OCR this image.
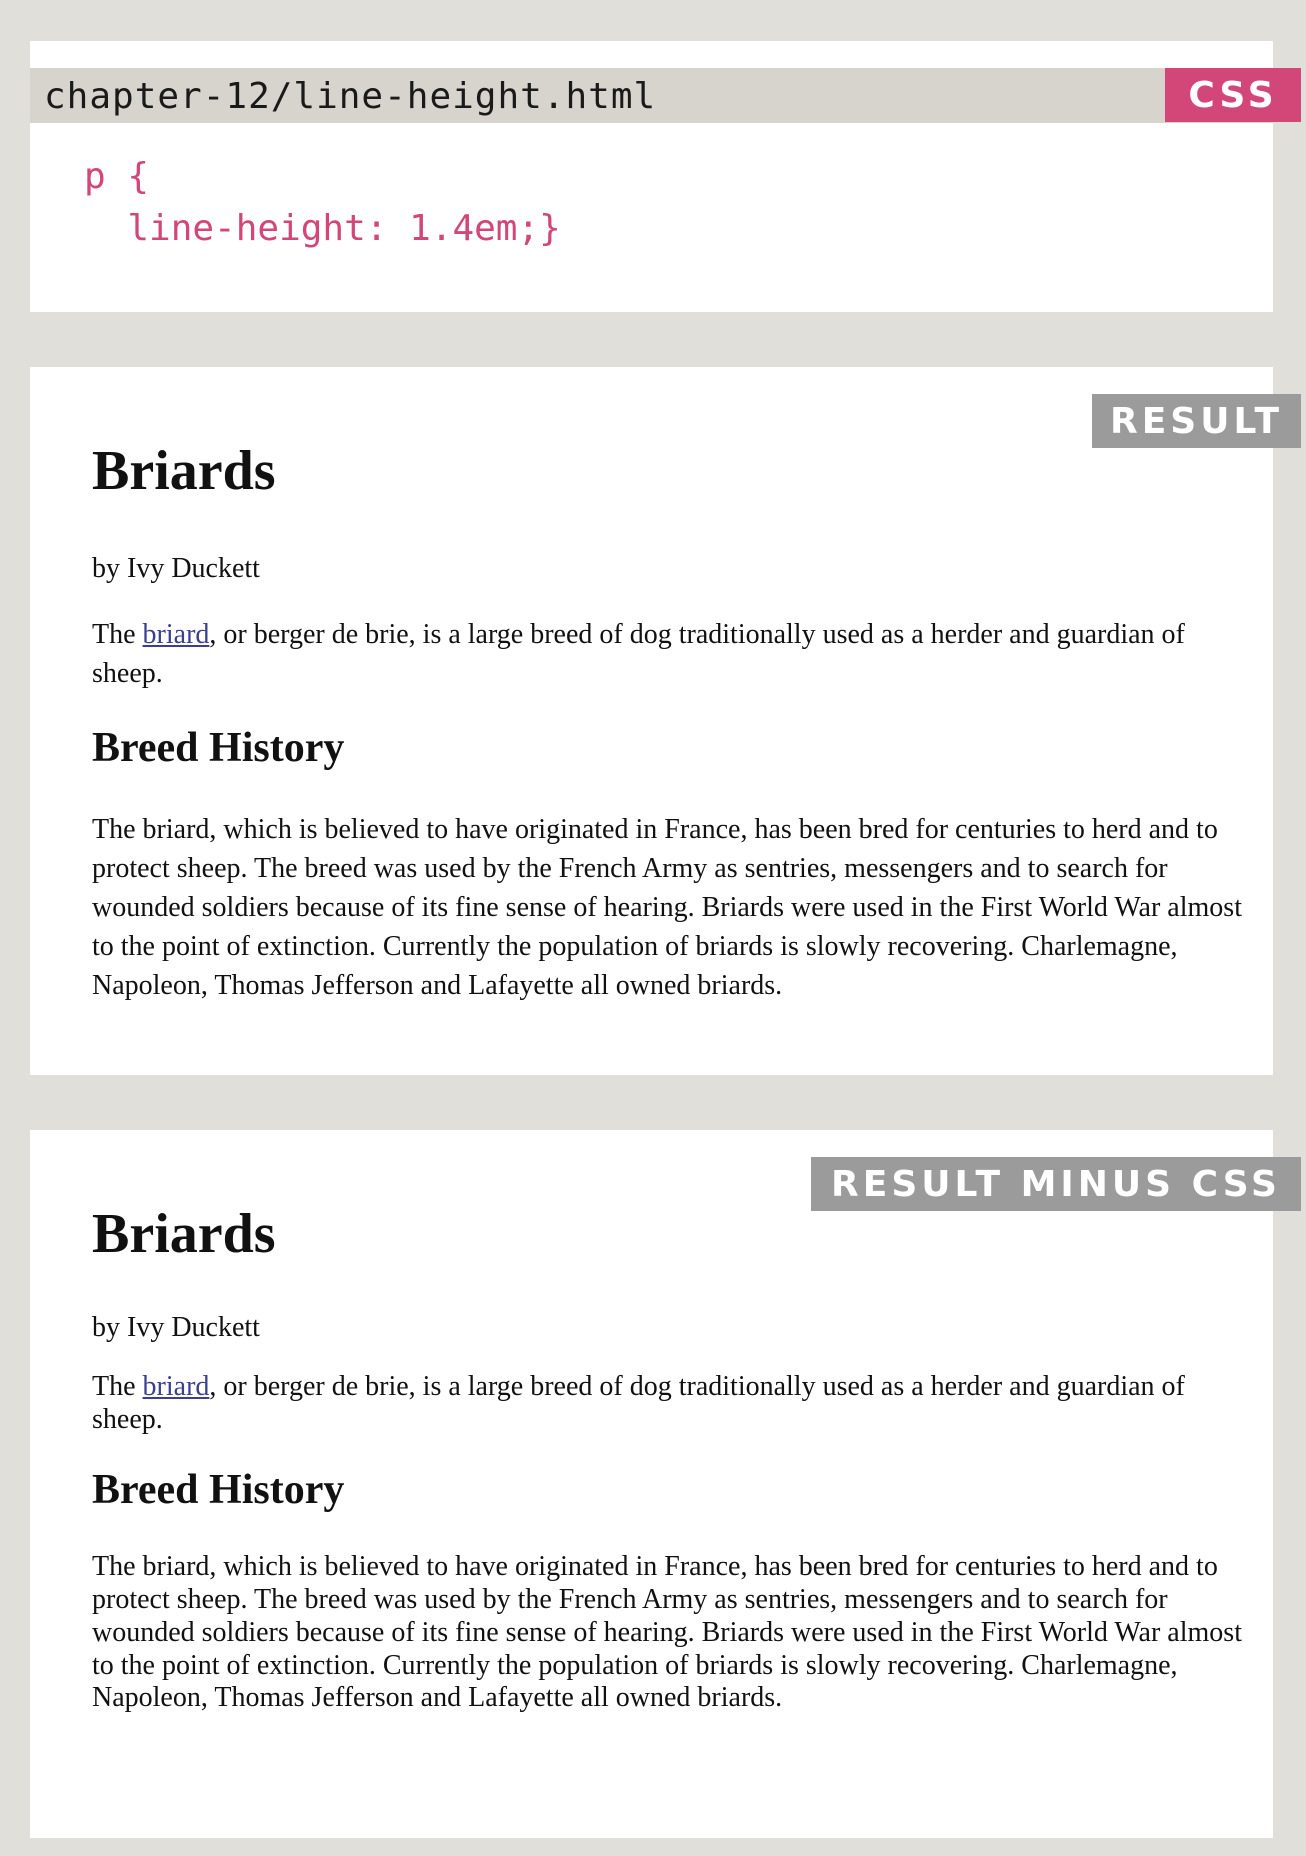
chapter-12/line-height.html
p {
line-height: 1.4em;}
CSS
Briards

by Ivy Duckett

The briard, or berger de brie, is a large breed of dog traditionally used as a herder and guardian of sheep.

Breed History

The briard, which is believed to have originated in France, has been bred for centuries to herd and to protect sheep. The breed was used by the French Army as sentries, messengers and to search for wounded soldiers because of its fine sense of hearing. Briards were used in the First World War almost to the point of extinction. Currently the population of briards is slowly recovering. Charlemagne, Napoleon, Thomas Jefferson and Lafayette all owned briards.

RESULT
Briards

by Ivy Duckett

The briard, or berger de brie, is a large breed of dog traditionally used as a herder and guardian of sheep.

Breed History

The briard, which is believed to have originated in France, has been bred for centuries to herd and to protect sheep. The breed was used by the French Army as sentries, messengers and to search for wounded soldiers because of its fine sense of hearing. Briards were used in the First World War almost to the point of extinction. Currently the population of briards is slowly recovering. Charlemagne, Napoleon, Thomas Jefferson and Lafayette all owned briards.

RESULT MINUS CSS
